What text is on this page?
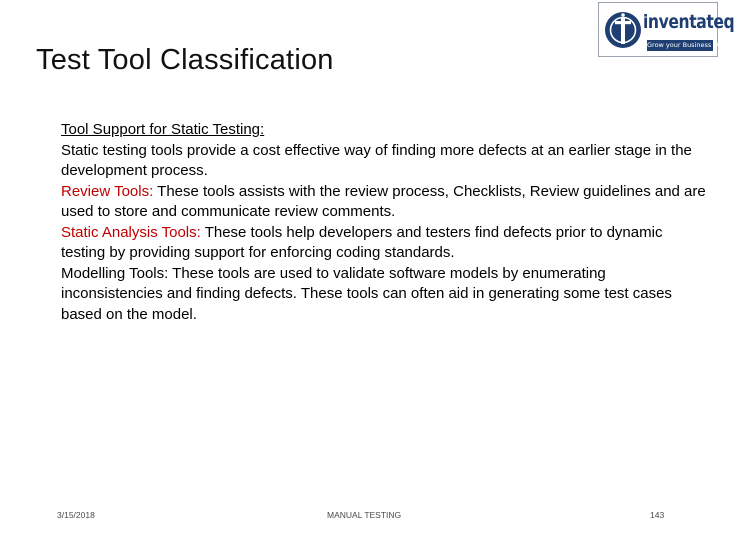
Test Tool Classification
inventateq
Grow your Business Online

Tool Support for Static Testing:

Static testing tools provide a cost effective way of finding more defects at an earlier stage in the development process.

Review Tools: These tools assists with the review process, Checklists, Review guidelines and are used to store and communicate review comments.

Static Analysis Tools: These tools help developers and testers find defects prior to dynamic testing by providing support for enforcing coding standards.

Modelling Tools: These tools are used to validate software models by enumerating inconsistencies and finding defects. These tools can often aid in generating some test cases based on the model.

3/15/2018	MANUAL TESTING	143
